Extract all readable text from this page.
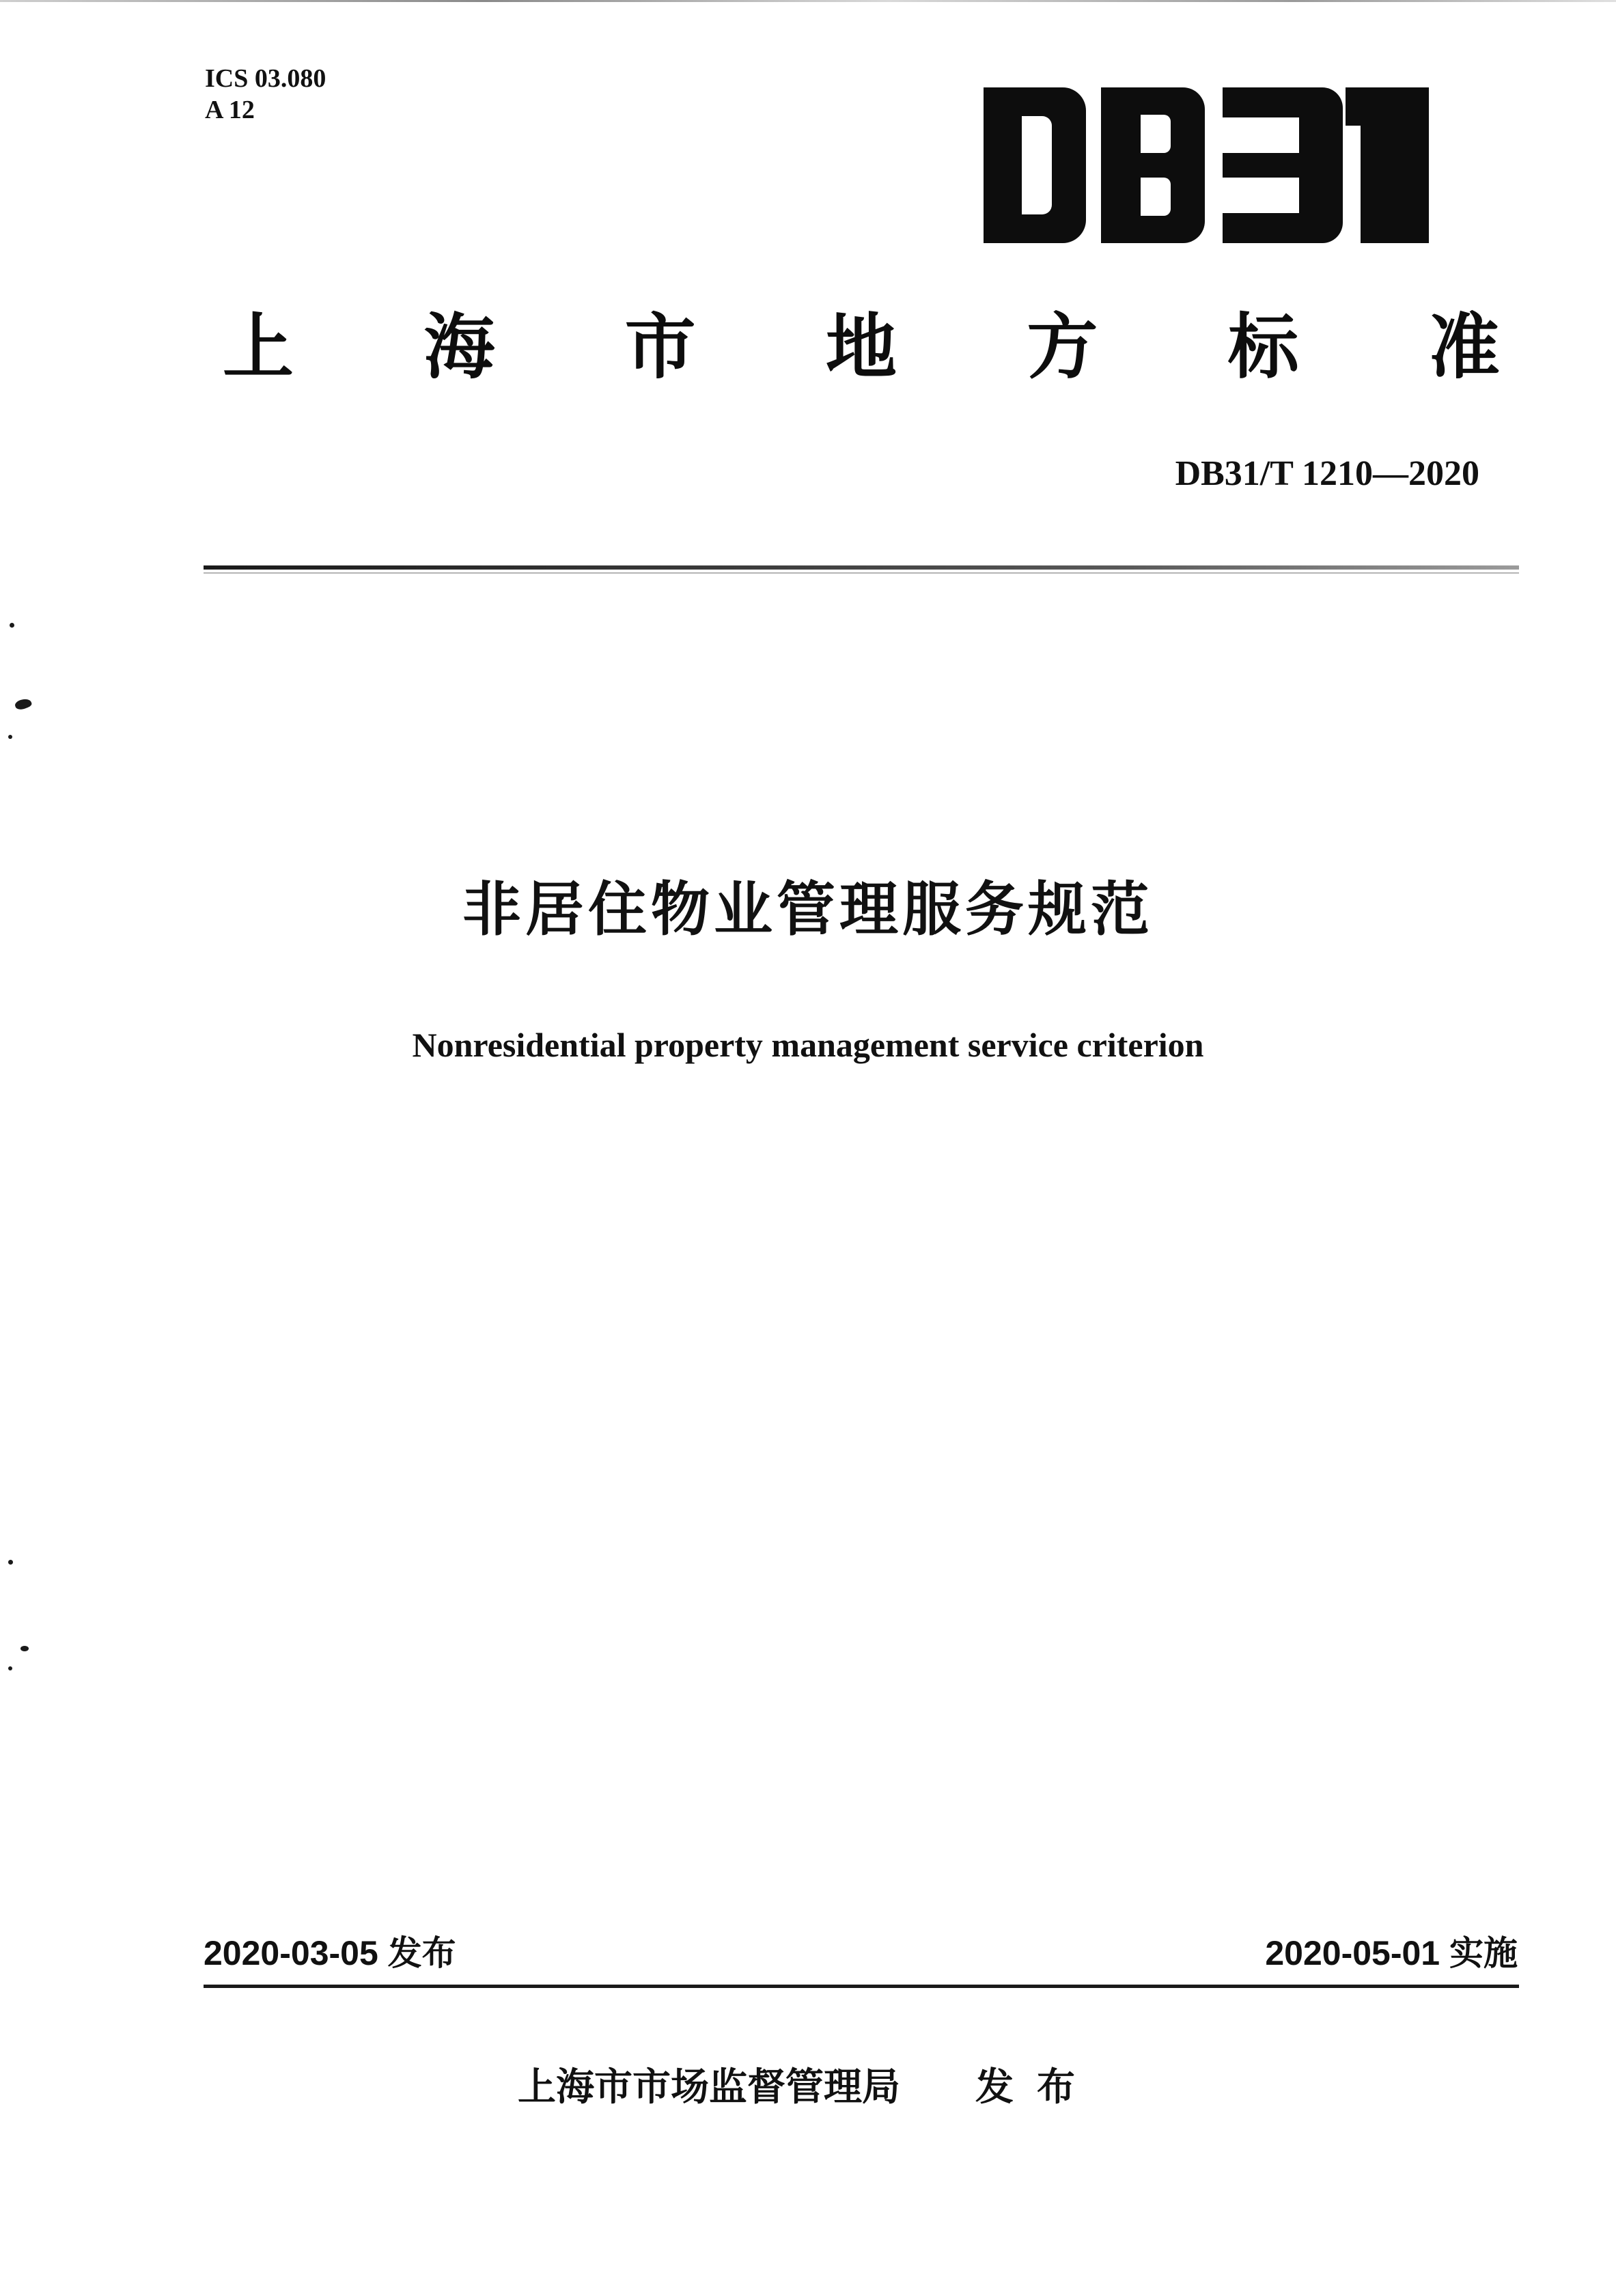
ICS 03.080
A 12
上 海 市 地 方 标 准
DB31/T 1210—2020
非居住物业管理服务规范
Nonresidential property management service criterion
2020-03-05 发布	2020-05-01 实施
上海市市场监督管理局 发布
